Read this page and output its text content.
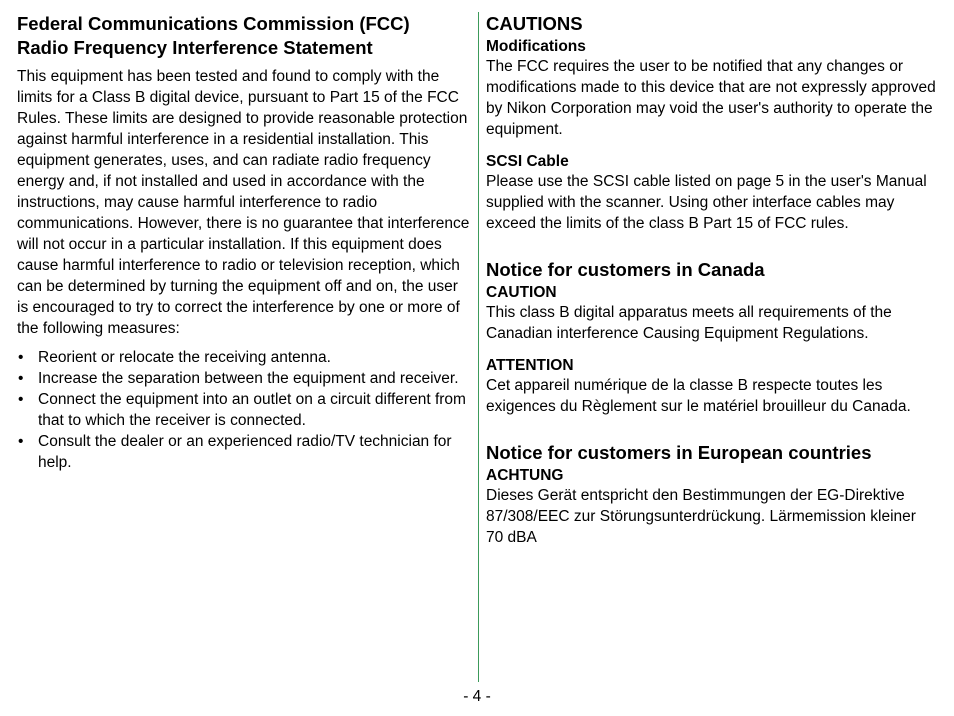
Federal Communications Commission (FCC)
Radio Frequency Interference Statement

This equipment has been tested and found to comply with the limits for a Class B digital device, pursuant to Part 15 of the FCC Rules. These limits are designed to provide reasonable protection against harmful interference in a residential installation. This equipment generates, uses, and can radiate radio frequency energy and, if not installed and used in accordance with the instructions, may cause harmful interference to radio communications. However, there is no guarantee that interference will not occur in a particular installation. If this equipment does cause harmful interference to radio or television reception, which can be determined by turning the equipment off and on, the user is encouraged to try to correct the interference by one or more of the following measures:

• Reorient or relocate the receiving antenna.
• Increase the separation between the equipment and receiver.
• Connect the equipment into an outlet on a circuit different from that to which the receiver is connected.
• Consult the dealer or an experienced radio/TV technician for help.
CAUTIONS
Modifications

The FCC requires the user to be notified that any changes or modifications made to this device that are not expressly approved by Nikon Corporation may void the user's authority to operate the equipment.

SCSI Cable

Please use the SCSI cable listed on page 5 in the user's Manual supplied with the scanner. Using other interface cables may exceed the limits of the class B Part 15 of FCC rules.

Notice for customers in Canada
CAUTION

This class B digital apparatus meets all requirements of the Canadian interference Causing Equipment Regulations.

ATTENTION

Cet appareil numérique de la classe B respecte toutes les exigences du Règlement sur le matériel brouilleur du Canada.

Notice for customers in European countries
ACHTUNG

Dieses Gerät entspricht den Bestimmungen der EG-Direktive 87/308/EEC zur Störungsunterdrückung. Lärmemission kleiner 70 dBA

- 4 -
